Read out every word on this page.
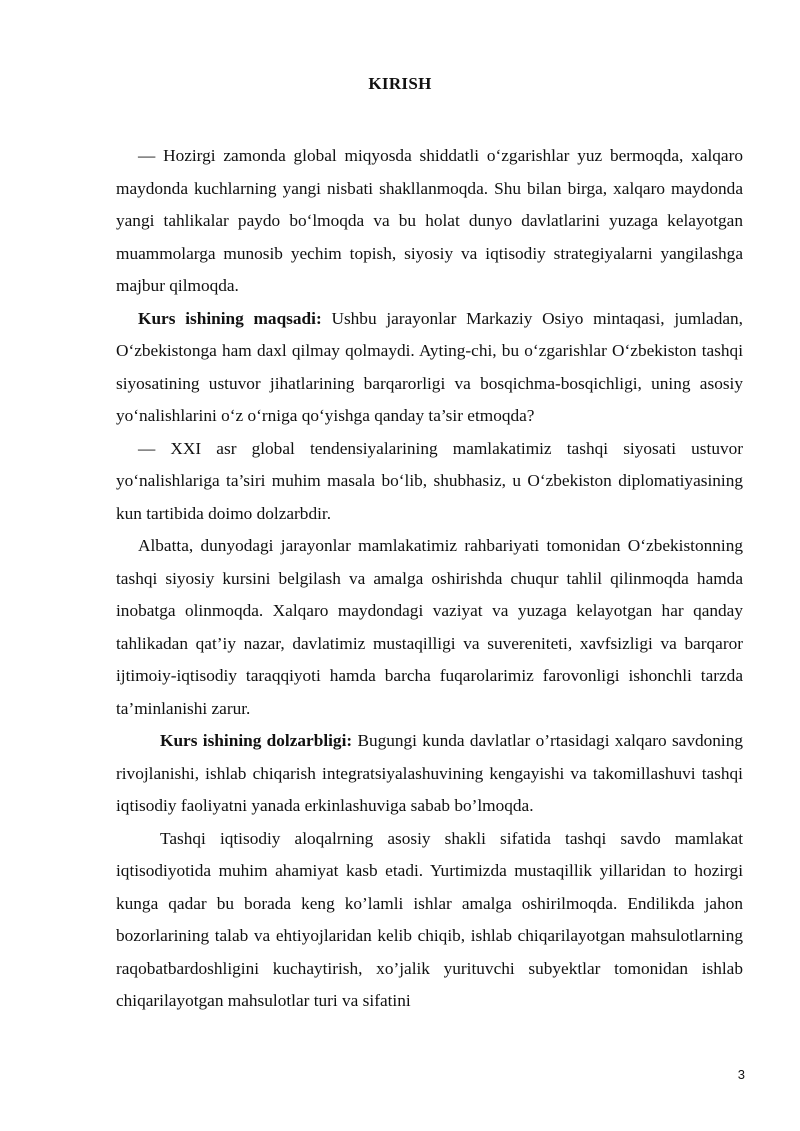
KIRISH

— Hozirgi zamonda global miqyosda shiddatli o‘zgarishlar yuz bermoqda, xalqaro maydonda kuchlarning yangi nisbati shakllanmoqda. Shu bilan birga, xalqaro maydonda yangi tahlikalar paydo bo‘lmoqda va bu holat dunyo davlatlarini yuzaga kelayotgan muammolarga munosib yechim topish, siyosiy va iqtisodiy strategiyalarni yangilashga majbur qilmoqda.

Kurs ishining maqsadi: Ushbu jarayonlar Markaziy Osiyo mintaqasi, jumladan, O‘zbekistonga ham daxl qilmay qolmaydi. Ayting-chi, bu o‘zgarishlar O‘zbekiston tashqi siyosatining ustuvor jihatlarining barqarorligi va bosqichma-bosqichligi, uning asosiy yo‘nalishlarini o‘z o‘rniga qo‘yishga qanday ta’sir etmoqda?

— XXI asr global tendensiyalarining mamlakatimiz tashqi siyosati ustuvor yo‘nalishlariga ta’siri muhim masala bo‘lib, shubhasiz, u O‘zbekiston diplomatiyasining kun tartibida doimo dolzarbdir.

Albatta, dunyodagi jarayonlar mamlakatimiz rahbariyati tomonidan O‘zbekistonning tashqi siyosiy kursini belgilash va amalga oshirishda chuqur tahlil qilinmoqda hamda inobatga olinmoqda. Xalqaro maydondagi vaziyat va yuzaga kelayotgan har qanday tahlikadan qat’iy nazar, davlatimiz mustaqilligi va suvereniteti, xavfsizligi va barqaror ijtimoiy-iqtisodiy taraqqiyoti hamda barcha fuqarolarimiz farovonligi ishonchli tarzda ta’minlanishi zarur.

Kurs ishining dolzarbligi: Bugungi kunda davlatlar o’rtasidagi xalqaro savdoning rivojlanishi, ishlab chiqarish integratsiyalashuvining kengayishi va takomillashuvi tashqi iqtisodiy faoliyatni yanada erkinlashuviga sabab bo’lmoqda.

Tashqi iqtisodiy aloqalrning asosiy shakli sifatida tashqi savdo mamlakat iqtisodiyotida muhim ahamiyat kasb etadi. Yurtimizda mustaqillik yillaridan to hozirgi kunga qadar bu borada keng ko’lamli ishlar amalga oshirilmoqda. Endilikda jahon bozorlarining talab va ehtiyojlaridan kelib chiqib, ishlab chiqarilayotgan mahsulotlarning raqobatbardoshligini kuchaytirish, xo’jalik yurituvchi subyektlar tomonidan ishlab chiqarilayotgan mahsulotlar turi va sifatini

3
